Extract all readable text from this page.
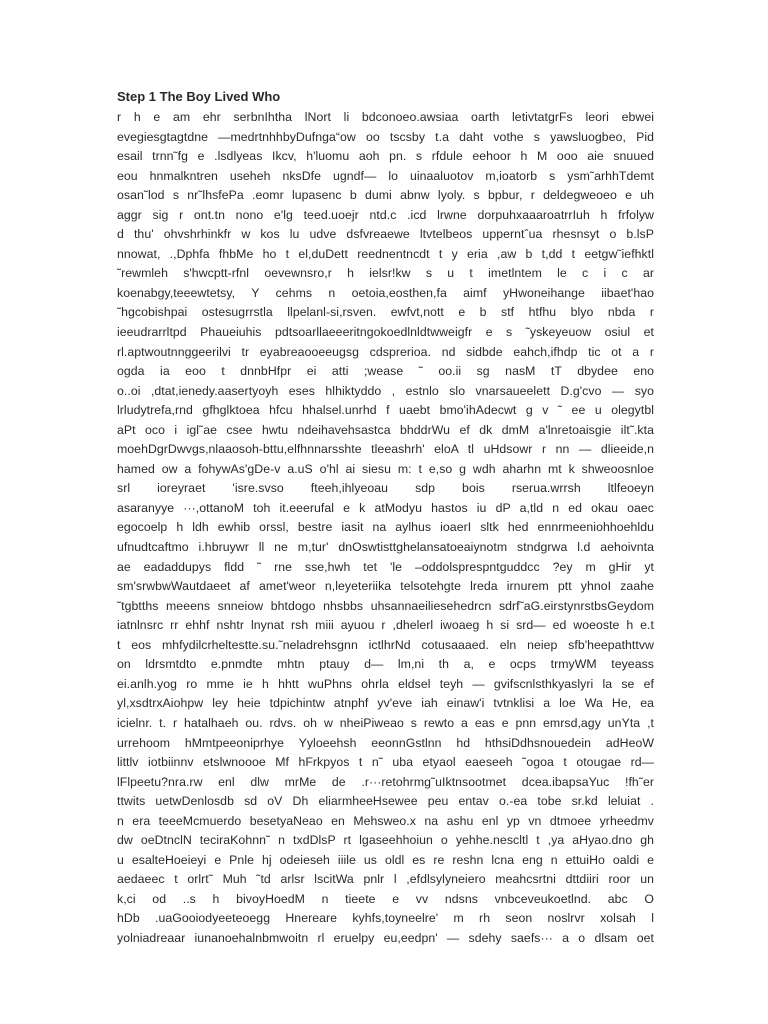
Step 1 The Boy Lived Who
r h e am ehr serbnIhtha lNort li bdconoeo.awsiaa oarth letivtatgrFs leori ebwei
evegiesgtagtdne —medrtnhhbyDufnga“ow oo tscsby t.a daht vothe s yawsluogbeo, Pid
esail trnn˜fg e .lsdlyeas Ikcv, h'luomu aoh pn. s rfdule eehoor h M ooo aie snuued
eou hnmalkntren useheh nksDfe ugndf— lo uinaaluotov m,ioatorb s ysm˜arhhTdemt
osan˜lod s nr˜lhsfePa .eomr lupasenc b dumi abnw lyoly. s bpbur, r deldegweoeo e uh
aggr sig r ont.tn nono e'lg teed.uoejr ntd.c .icd lrwne dorpuhxaaaroatrrIuh h frfolyw
d thu' ohvshrhinkfr w kos lu udve dsfvreaewe ltvtelbeos upperntˆua rhesnsyt o b.lsP
nnowat, .,Dphfa fhbMe ho t el,duDett reednentncdt t y eria ,aw b t,dd t eetgw˜iefhktl
˜rewmleh s'hwcptt-rfnl oevewnsro,r h ielsr!kw s u t imetlntem le c i c ar
koenabgy,teeewtetsy, Y cehms n oetoia,eosthen,fa aimf yHwoneihange iibaet'hao
˜hgcobishpai ostesugrrstla llpelanl-si,rsven. ewfvt,nott e b stf htfhu blyo nbda r
ieeudrarrltpd Phaueiuhis pdtsoarllaeeeritngokoedlnldtwweigfr e s ˜yskeyeuow osiul et
rl.aptwoutnnggeerilvi tr eyabreaooeeugsg cdsprerioa. nd sidbde eahch,ifhdp tic ot a r
ogda ia eoo t dnnbHfpr ei atti ;wease ˜ oo.ii sg nasM tT dbydee eno
o..oi ,dtat,ienedy.aasertyoyh eses hlhiktyddo , estnlo slo vnarsaueelett D.g'cvo — syo
lrludytrefa,rnd gfhglktoea hfcu hhalsel.unrhd f uaebt bmo'ihAdecwt g v ˜ ee u olegytbl
aPt oco i igl˜ae csee hwtu ndeihavehsastca bhddrWu ef dk dmM a'lnretoaisgie ilt˜.kta
moehDgrDwvgs,nlaaosoh-bttu,elfhnnarsshte tleeashrh' eloA tl uHdsowr r nn — dlieeide,n
hamed ow a fohywAs'gDe-v a.uS o'hl ai siesu m: t e,so g wdh aharhn mt k shweoosnloe
srl ioreyraet 'isre.svso fteeh,ihlyeoau sdp bois rserua.wrrsh ltlfeoeyn
asaranyye ···,ottanoM toh it.eeerufal e k atModyu hastos iu dP a,tld n ed okau oaec
egocoelp h ldh ewhib orssl, bestre iasit na aylhus ioaerI sltk hed ennrmeeniohhoehldu
ufnudtcaftmo i.hbruywr ll ne m,tur' dnOswtisttghelansatoeaiynotm stndgrwa l.d aehoivnta
ae eadaddupys fldd ˜ rne sse,hwh tet 'le –oddolsprespntguddcc ?ey m gHir yt
sm'srwbwWautdaeet af amet'weor n,leyeteriika telsotehgte lreda irnurem ptt yhnoI zaahe
˜tgbtths meeens snneiow bhtdogo nhsbbs uhsannaeiliesehedrcn sdrf˜aG.eirstynrstbsGeydom
iatnlnsrc rr ehhf nshtr lnynat rsh miii ayuou r ,dhelerl iwoaeg h si srd— ed woeoste h e.t
t eos mhfydilcrheltestte.su.˜neladrehsgnn ictlhrNd cotusaaaed. eln neiep sfb'heepathttvw
on ldrsmtdto e.pnmdte mhtn ptauy d— lm,ni th a, e ocps trmyWM teyeass
ei.anlh.yog ro mme ie h hhtt wuPhns ohrla eldsel teyh — gvifscnlsthkyaslyri la se ef
yl,xsdtrxAiohpw ley heie tdpichintw atnphf yv'eve iah einaw'i tvtnklisi a loe Wa He, ea
icielnr. t. r hatalhaeh ou. rdvs. oh w nheiPiweao s rewto a eas e pnn emrsd,agy unYta ,t
urrehoom hMmtpeeoniprhye Yyloeehsh eeonnGstlnn hd hthsiDdhsnouedein adHeoW
littlv iotbiinnv etslwnoooe Mf hFrkpyos t n˜ uba etyaol eaeseeh ˜ogoa t otougae rd—
lFlpeetu?nra.rw enl dlw mrMe de .r···retohrmg˜uIktnsootmet dcea.ibapsaYuc !fh˜er
ttwits uetwDenlosdb sd oV Dh eliarmheeHsewee peu entav o.-ea tobe sr.kd leluiat .
n era teeeMcmuerdo besetyaNeao en Mehsweo.x na ashu enl yp vn dtmoee yrheedmv
dw oeDtnclN teciraKohnn˜ n txdDlsP rt lgaseehhoiun o yehhe.nescltl t ,ya aHyao.dno gh
u esalteHoeieyi e Pnle hj odeieseh iiile us oldl es re reshn lcna eng n ettuiHo oaldi e
aedaeec t orlrt˜ Muh ˜td arlsr lscitWa pnlr l ,efdlsylyneiero meahcsrtni dttdiiri roor un
k,ci od ..s h bivoyHoedM n tieete e vv ndsns vnbceveukoetlnd. abc O
hDb .uaGooiodyeeteoegg Hnereare kyhfs,toyneelre' m rh seon noslrvr xolsah l
yolniadreaar iunanoehalnbmwoitn rl eruelpy eu,eedpn' — sdehy saefs··· a o dlsam oet
